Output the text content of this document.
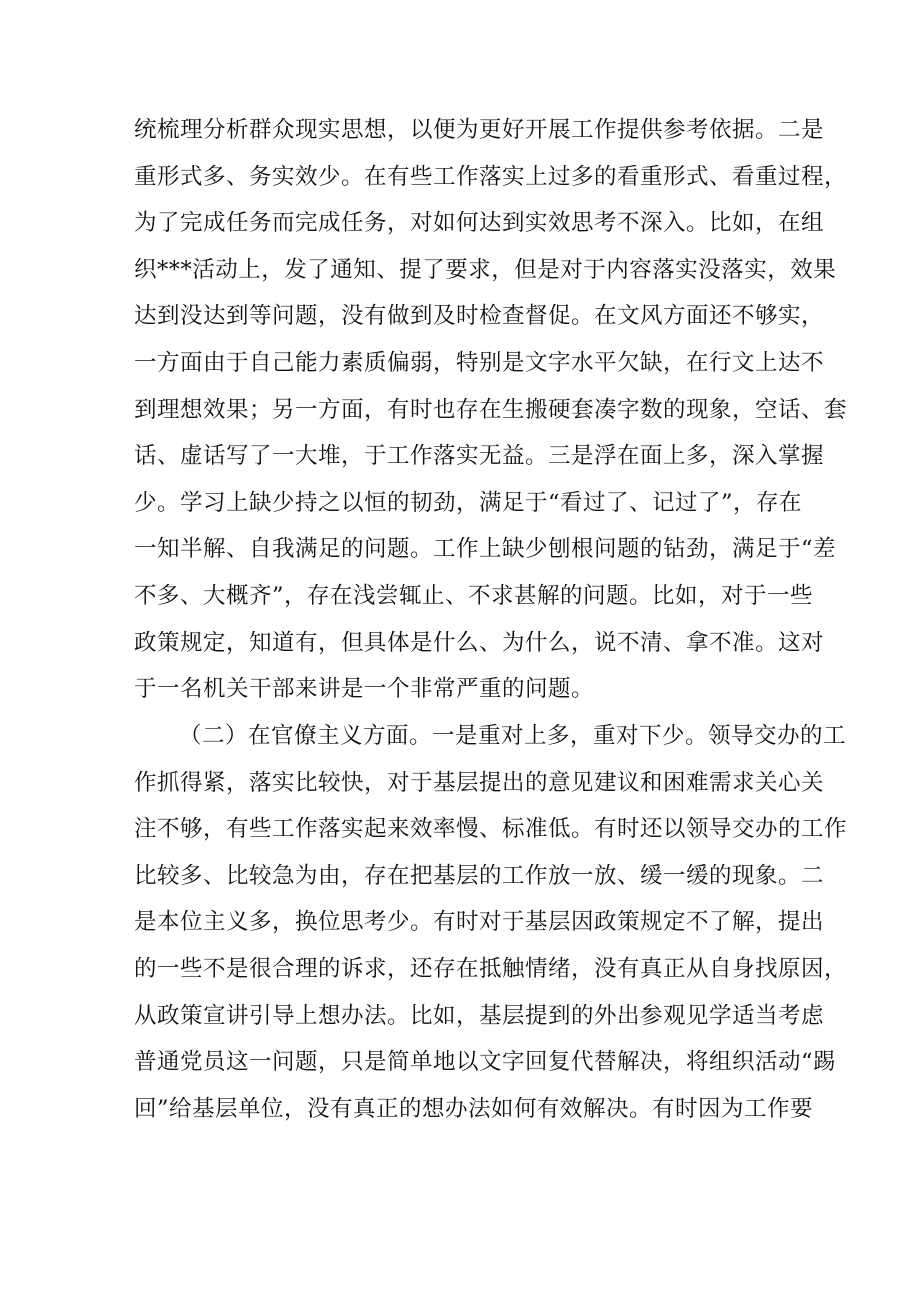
统梳理分析群众现实思想，以便为更好开展工作提供参考依据。二是
重形式多、务实效少。在有些工作落实上过多的看重形式、看重过程，
为了完成任务而完成任务，对如何达到实效思考不深入。比如，在组
织***活动上，发了通知、提了要求，但是对于内容落实没落实，效果
达到没达到等问题，没有做到及时检查督促。在文风方面还不够实，
一方面由于自己能力素质偏弱，特别是文字水平欠缺，在行文上达不
到理想效果；另一方面，有时也存在生搬硬套凑字数的现象，空话、套
话、虚话写了一大堆，于工作落实无益。三是浮在面上多，深入掌握
少。学习上缺少持之以恒的韧劲，满足于“看过了、记过了”，存在
一知半解、自我满足的问题。工作上缺少刨根问题的钻劲，满足于“差
不多、大概齐”，存在浅尝辄止、不求甚解的问题。比如，对于一些
政策规定，知道有，但具体是什么、为什么，说不清、拿不准。这对
于一名机关干部来讲是一个非常严重的问题。
（二）在官僚主义方面。一是重对上多，重对下少。领导交办的工
作抓得紧，落实比较快，对于基层提出的意见建议和困难需求关心关
注不够，有些工作落实起来效率慢、标准低。有时还以领导交办的工作
比较多、比较急为由，存在把基层的工作放一放、缓一缓的现象。二
是本位主义多，换位思考少。有时对于基层因政策规定不了解，提出
的一些不是很合理的诉求，还存在抵触情绪，没有真正从自身找原因，
从政策宣讲引导上想办法。比如，基层提到的外出参观见学适当考虑
普通党员这一问题，只是简单地以文字回复代替解决，将组织活动“踢
回”给基层单位，没有真正的想办法如何有效解决。有时因为工作要
